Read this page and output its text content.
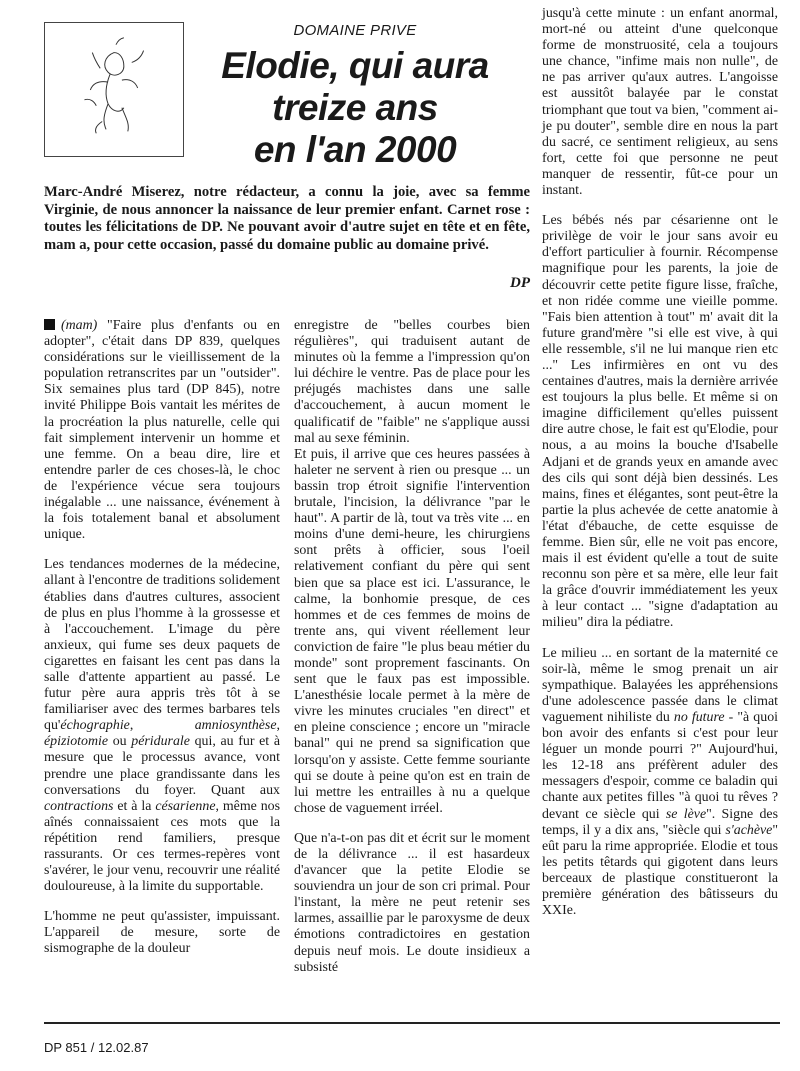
DOMAINE PRIVE
Elodie, qui aura
treize ans
en l'an 2000

Marc-André Miserez, notre rédacteur, a connu la joie, avec sa femme Virginie, de nous annoncer la naissance de leur premier enfant. Carnet rose : toutes les félicitations de DP. Ne pouvant avoir d'autre sujet en tête et en fête, mam a, pour cette occasion, passé du domaine public au domaine privé.

DP

(mam) "Faire plus d'enfants ou en adopter", c'était dans DP 839, quelques considérations sur le vieillissement de la population retranscrites par un "outsider". Six semaines plus tard (DP 845), notre invité Philippe Bois vantait les mérites de la procréation la plus naturelle, celle qui fait simplement intervenir un homme et une femme. On a beau dire, lire et entendre parler de ces choses-là, le choc de l'expérience vécue sera toujours inégalable ... une naissance, événement à la fois totalement banal et absolument unique.

Les tendances modernes de la médecine, allant à l'encontre de traditions solidement établies dans d'autres cultures, associent de plus en plus l'homme à la grossesse et à l'accouchement. L'image du père anxieux, qui fume ses deux paquets de cigarettes en faisant les cent pas dans la salle d'attente appartient au passé. Le futur père aura appris très tôt à se familiariser avec des termes barbares tels qu'échographie, amniosynthèse, épiziotomie ou péridurale qui, au fur et à mesure que le processus avance, vont prendre une place grandissante dans les conversations du foyer. Quant aux contractions et à la césarienne, même nos aînés connaissaient ces mots que la répétition rend familiers, presque rassurants. Or ces termes-repères vont s'avérer, le jour venu, recouvrir une réalité douloureuse, à la limite du supportable.

L'homme ne peut qu'assister, impuissant. L'appareil de mesure, sorte de sismographe de la douleur

enregistre de "belles courbes bien régulières", qui traduisent autant de minutes où la femme a l'impression qu'on lui déchire le ventre. Pas de place pour les préjugés machistes dans une salle d'accouchement, à aucun moment le qualificatif de "faible" ne s'applique aussi mal au sexe féminin.

Et puis, il arrive que ces heures passées à haleter ne servent à rien ou presque ... un bassin trop étroit signifie l'intervention brutale, l'incision, la délivrance "par le haut". A partir de là, tout va très vite ... en moins d'une demi-heure, les chirurgiens sont prêts à officier, sous l'oeil relativement confiant du père qui sent bien que sa place est ici. L'assurance, le calme, la bonhomie presque, de ces hommes et de ces femmes de moins de trente ans, qui vivent réellement leur conviction de faire "le plus beau métier du monde" sont proprement fascinants. On sent que le faux pas est impossible. L'anesthésie locale permet à la mère de vivre les minutes cruciales "en direct" et en pleine conscience ; encore un "miracle banal" qui ne prend sa signification que lorsqu'on y assiste. Cette femme souriante qui se doute à peine qu'on est en train de lui mettre les entrailles à nu a quelque chose de vaguement irréel.

Que n'a-t-on pas dit et écrit sur le moment de la délivrance ... il est hasardeux d'avancer que la petite Elodie se souviendra un jour de son cri primal. Pour l'instant, la mère ne peut retenir ses larmes, assaillie par le paroxysme de deux émotions contradictoires en gestation depuis neuf mois. Le doute insidieux a subsisté

jusqu'à cette minute : un enfant anormal, mort-né ou atteint d'une quelconque forme de monstruosité, cela a toujours une chance, "infime mais non nulle", de ne pas arriver qu'aux autres. L'angoisse est aussitôt balayée par le constat triomphant que tout va bien, "comment ai-je pu douter", semble dire en nous la part du sacré, ce sentiment religieux, au sens fort, cette foi que personne ne peut manquer de ressentir, fût-ce pour un instant.

Les bébés nés par césarienne ont le privilège de voir le jour sans avoir eu d'effort particulier à fournir. Récompense magnifique pour les parents, la joie de découvrir cette petite figure lisse, fraîche, et non ridée comme une vieille pomme. "Fais bien attention à tout" m' avait dit la future grand'mère "si elle est vive, à qui elle ressemble, s'il ne lui manque rien etc ..." Les infirmières en ont vu des centaines d'autres, mais la dernière arrivée est toujours la plus belle. Et même si on imagine difficilement qu'elles puissent dire autre chose, le fait est qu'Elodie, pour nous, a au moins la bouche d'Isabelle Adjani et de grands yeux en amande avec des cils qui sont déjà bien dessinés. Les mains, fines et élégantes, sont peut-être la partie la plus achevée de cette anatomie à l'état d'ébauche, de cette esquisse de femme. Bien sûr, elle ne voit pas encore, mais il est évident qu'elle a tout de suite reconnu son père et sa mère, elle leur fait la grâce d'ouvrir immédiatement les yeux à leur contact ... "signe d'adaptation au milieu" dira la pédiatre.

Le milieu ... en sortant de la maternité ce soir-là, même le smog prenait un air sympathique. Balayées les appréhensions d'une adolescence passée dans le climat vaguement nihiliste du no future - "à quoi bon avoir des enfants si c'est pour leur léguer un monde pourri ?" Aujourd'hui, les 12-18 ans préfèrent aduler des messagers d'espoir, comme ce baladin qui chante aux petites filles "à quoi tu rêves ? devant ce siècle qui se lève". Signe des temps, il y a dix ans, "siècle qui s'achève" eût paru la rime appropriée. Elodie et tous les petits têtards qui gigotent dans leurs berceaux de plastique constitueront la première génération des bâtisseurs du XXIe.

DP 851 / 12.02.87
